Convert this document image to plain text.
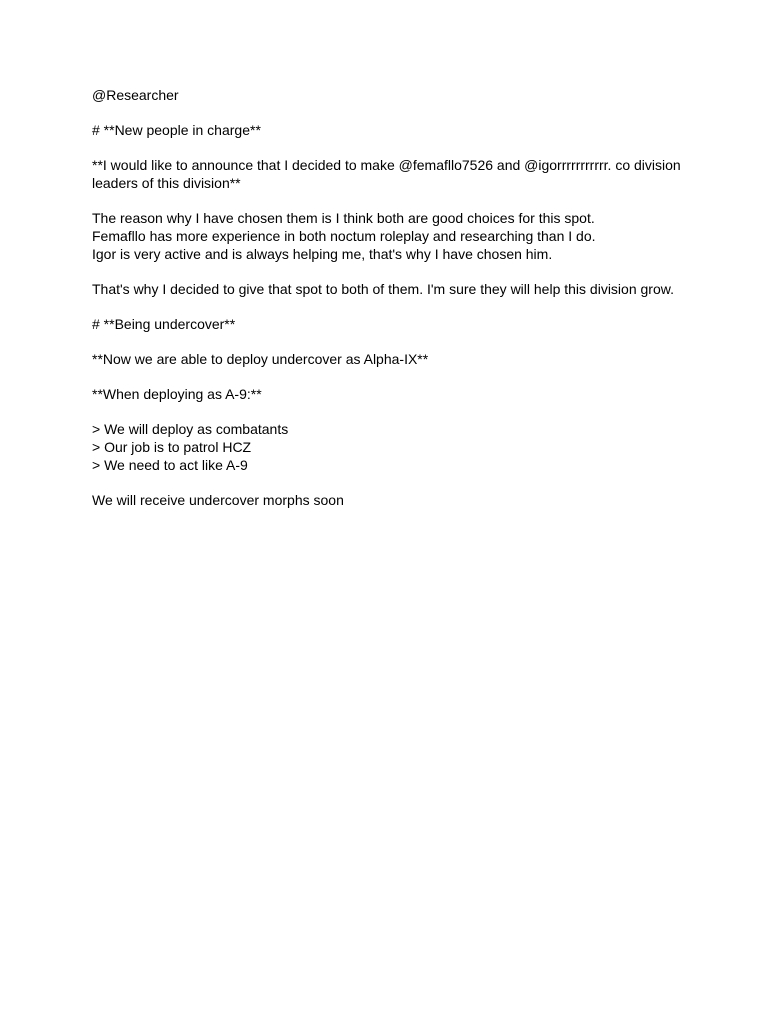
@Researcher

# **New people in charge**

**I would like to announce that I decided to make @femafllo7526 and @igorrrrrrrrrrr. co division leaders of this division**

The reason why I have chosen them is I think both are good choices for this spot.
Femafllo has more experience in both noctum roleplay and researching than I do.
Igor is very active and is always helping me, that's why I have chosen him.

That's why I decided to give that spot to both of them. I'm sure they will help this division grow.

# **Being undercover**

**Now we are able to deploy undercover as Alpha-IX**

**When deploying as A-9:**

> We will deploy as combatants
> Our job is to patrol HCZ
> We need to act like A-9

We will receive undercover morphs soon
